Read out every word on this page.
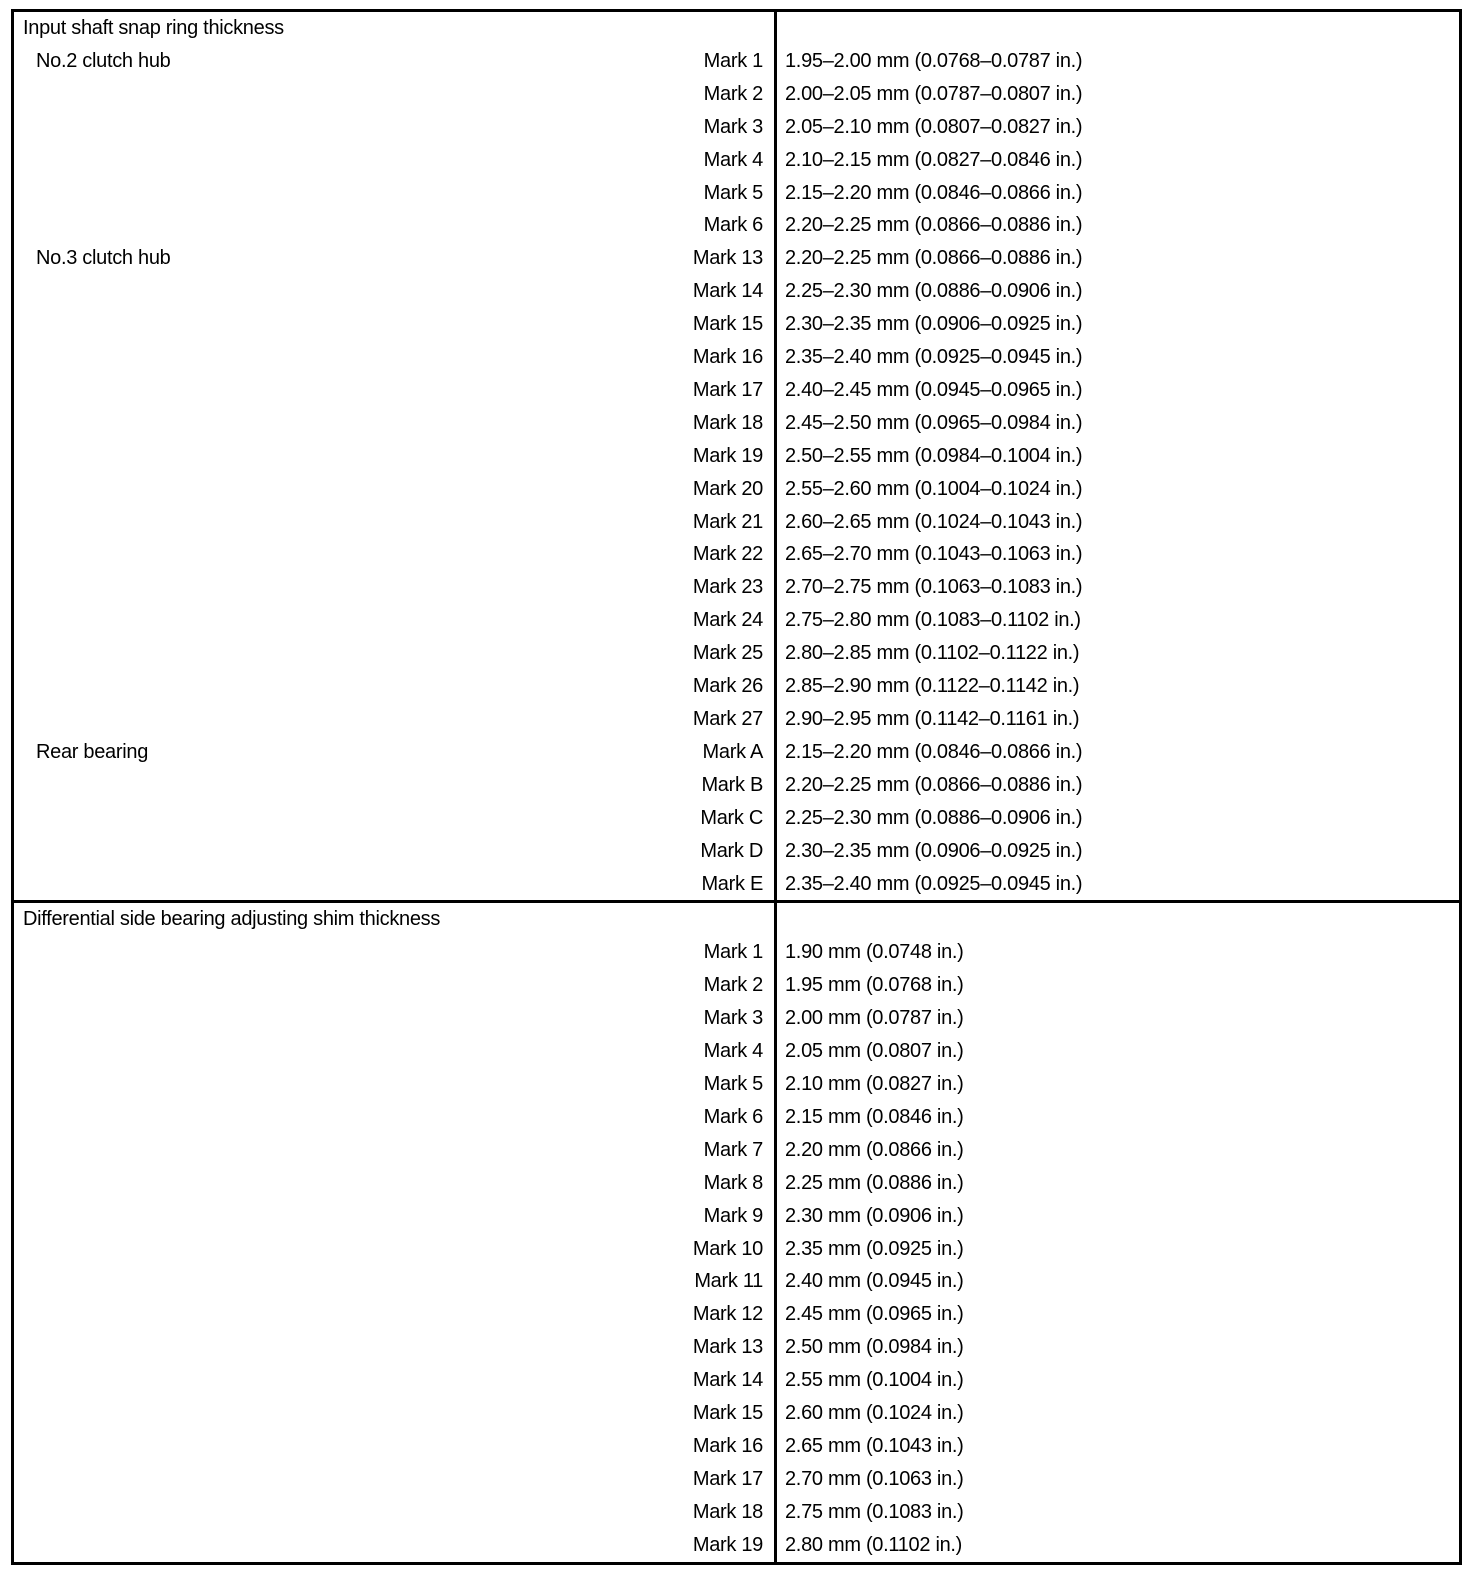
Input shaft snap ring thickness	

No.2 clutch hub Mark 1	1.95–2.00 mm (0.0768–0.0787 in.)

Mark 2	2.00–2.05 mm (0.0787–0.0807 in.)

Mark 3	2.05–2.10 mm (0.0807–0.0827 in.)

Mark 4	2.10–2.15 mm (0.0827–0.0846 in.)

Mark 5	2.15–2.20 mm (0.0846–0.0866 in.)

Mark 6	2.20–2.25 mm (0.0866–0.0886 in.)

No.3 clutch hub Mark 13	2.20–2.25 mm (0.0866–0.0886 in.)

Mark 14	2.25–2.30 mm (0.0886–0.0906 in.)

Mark 15	2.30–2.35 mm (0.0906–0.0925 in.)

Mark 16	2.35–2.40 mm (0.0925–0.0945 in.)

Mark 17	2.40–2.45 mm (0.0945–0.0965 in.)

Mark 18	2.45–2.50 mm (0.0965–0.0984 in.)

Mark 19	2.50–2.55 mm (0.0984–0.1004 in.)

Mark 20	2.55–2.60 mm (0.1004–0.1024 in.)

Mark 21	2.60–2.65 mm (0.1024–0.1043 in.)

Mark 22	2.65–2.70 mm (0.1043–0.1063 in.)

Mark 23	2.70–2.75 mm (0.1063–0.1083 in.)

Mark 24	2.75–2.80 mm (0.1083–0.1102 in.)

Mark 25	2.80–2.85 mm (0.1102–0.1122 in.)

Mark 26	2.85–2.90 mm (0.1122–0.1142 in.)

Mark 27	2.90–2.95 mm (0.1142–0.1161 in.)

Rear bearing Mark A	2.15–2.20 mm (0.0846–0.0866 in.)

Mark B	2.20–2.25 mm (0.0866–0.0886 in.)

Mark C	2.25–2.30 mm (0.0886–0.0906 in.)

Mark D	2.30–2.35 mm (0.0906–0.0925 in.)

Mark E	2.35–2.40 mm (0.0925–0.0945 in.)

Differential side bearing adjusting shim thickness	

Mark 1	1.90 mm (0.0748 in.)

Mark 2	1.95 mm (0.0768 in.)

Mark 3	2.00 mm (0.0787 in.)

Mark 4	2.05 mm (0.0807 in.)

Mark 5	2.10 mm (0.0827 in.)

Mark 6	2.15 mm (0.0846 in.)

Mark 7	2.20 mm (0.0866 in.)

Mark 8	2.25 mm (0.0886 in.)

Mark 9	2.30 mm (0.0906 in.)

Mark 10	2.35 mm (0.0925 in.)

Mark 11	2.40 mm (0.0945 in.)

Mark 12	2.45 mm (0.0965 in.)

Mark 13	2.50 mm (0.0984 in.)

Mark 14	2.55 mm (0.1004 in.)

Mark 15	2.60 mm (0.1024 in.)

Mark 16	2.65 mm (0.1043 in.)

Mark 17	2.70 mm (0.1063 in.)

Mark 18	2.75 mm (0.1083 in.)

Mark 19	2.80 mm (0.1102 in.)
